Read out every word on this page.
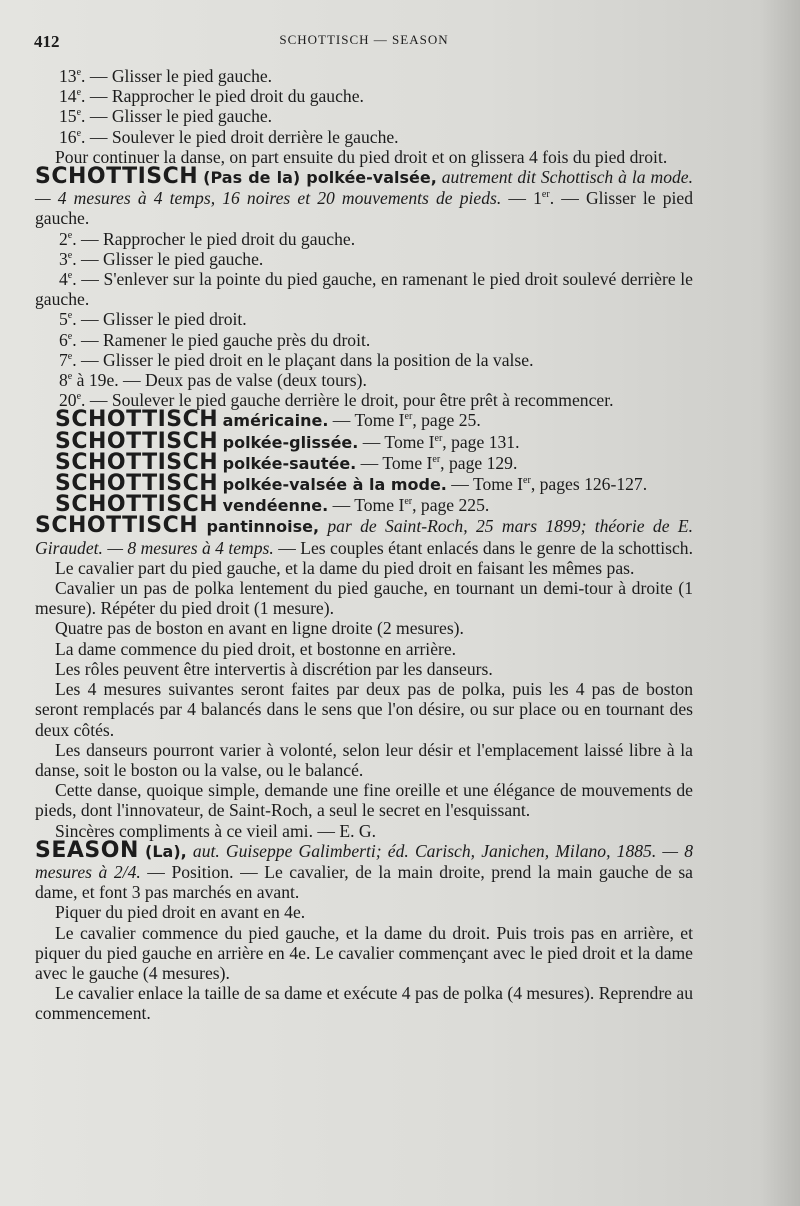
412	SCHOTTISCH — SEASON

13e. — Glisser le pied gauche.

14e. — Rapprocher le pied droit du gauche.

15e. — Glisser le pied gauche.

16e. — Soulever le pied droit derrière le gauche.

Pour continuer la danse, on part ensuite du pied droit et on glissera 4 fois du pied droit.

SCHOTTISCH (Pas de la) polkée-valsée, autrement dit Schottisch à la mode. — 4 mesures à 4 temps, 16 noires et 20 mouvements de pieds. — 1er. — Glisser le pied gauche.

2e. — Rapprocher le pied droit du gauche.

3e. — Glisser le pied gauche.

4e. — S'enlever sur la pointe du pied gauche, en ramenant le pied droit soulevé derrière le gauche.

5e. — Glisser le pied droit.

6e. — Ramener le pied gauche près du droit.

7e. — Glisser le pied droit en le plaçant dans la position de la valse.

8e à 19e. — Deux pas de valse (deux tours).

20e. — Soulever le pied gauche derrière le droit, pour être prêt à recommencer.

SCHOTTISCH américaine. — Tome Ier, page 25.

SCHOTTISCH polkée-glissée. — Tome Ier, page 131.

SCHOTTISCH polkée-sautée. — Tome Ier, page 129.

SCHOTTISCH polkée-valsée à la mode. — Tome Ier, pages 126-127.

SCHOTTISCH vendéenne. — Tome Ier, page 225.

SCHOTTISCH pantinnoise, par de Saint-Roch, 25 mars 1899; théorie de E. Giraudet. — 8 mesures à 4 temps. — Les couples étant enlacés dans le genre de la schottisch.

Le cavalier part du pied gauche, et la dame du pied droit en faisant les mêmes pas.

Cavalier un pas de polka lentement du pied gauche, en tournant un demi-tour à droite (1 mesure). Répéter du pied droit (1 mesure).

Quatre pas de boston en avant en ligne droite (2 mesures).

La dame commence du pied droit, et bostonne en arrière.

Les rôles peuvent être intervertis à discrétion par les danseurs.

Les 4 mesures suivantes seront faites par deux pas de polka, puis les 4 pas de boston seront remplacés par 4 balancés dans le sens que l'on désire, ou sur place ou en tournant des deux côtés.

Les danseurs pourront varier à volonté, selon leur désir et l'emplacement laissé libre à la danse, soit le boston ou la valse, ou le balancé.

Cette danse, quoique simple, demande une fine oreille et une élégance de mouvements de pieds, dont l'innovateur, de Saint-Roch, a seul le secret en l'esquissant.

Sincères compliments à ce vieil ami. — E. G.

SEASON (La), aut. Guiseppe Galimberti; éd. Carisch, Janichen, Milano, 1885. — 8 mesures à 2/4. — Position. — Le cavalier, de la main droite, prend la main gauche de sa dame, et font 3 pas marchés en avant.

Piquer du pied droit en avant en 4e.

Le cavalier commence du pied gauche, et la dame du droit. Puis trois pas en arrière, et piquer du pied gauche en arrière en 4e. Le cavalier commençant avec le pied droit et la dame avec le gauche (4 mesures).

Le cavalier enlace la taille de sa dame et exécute 4 pas de polka (4 mesures). Reprendre au commencement.
